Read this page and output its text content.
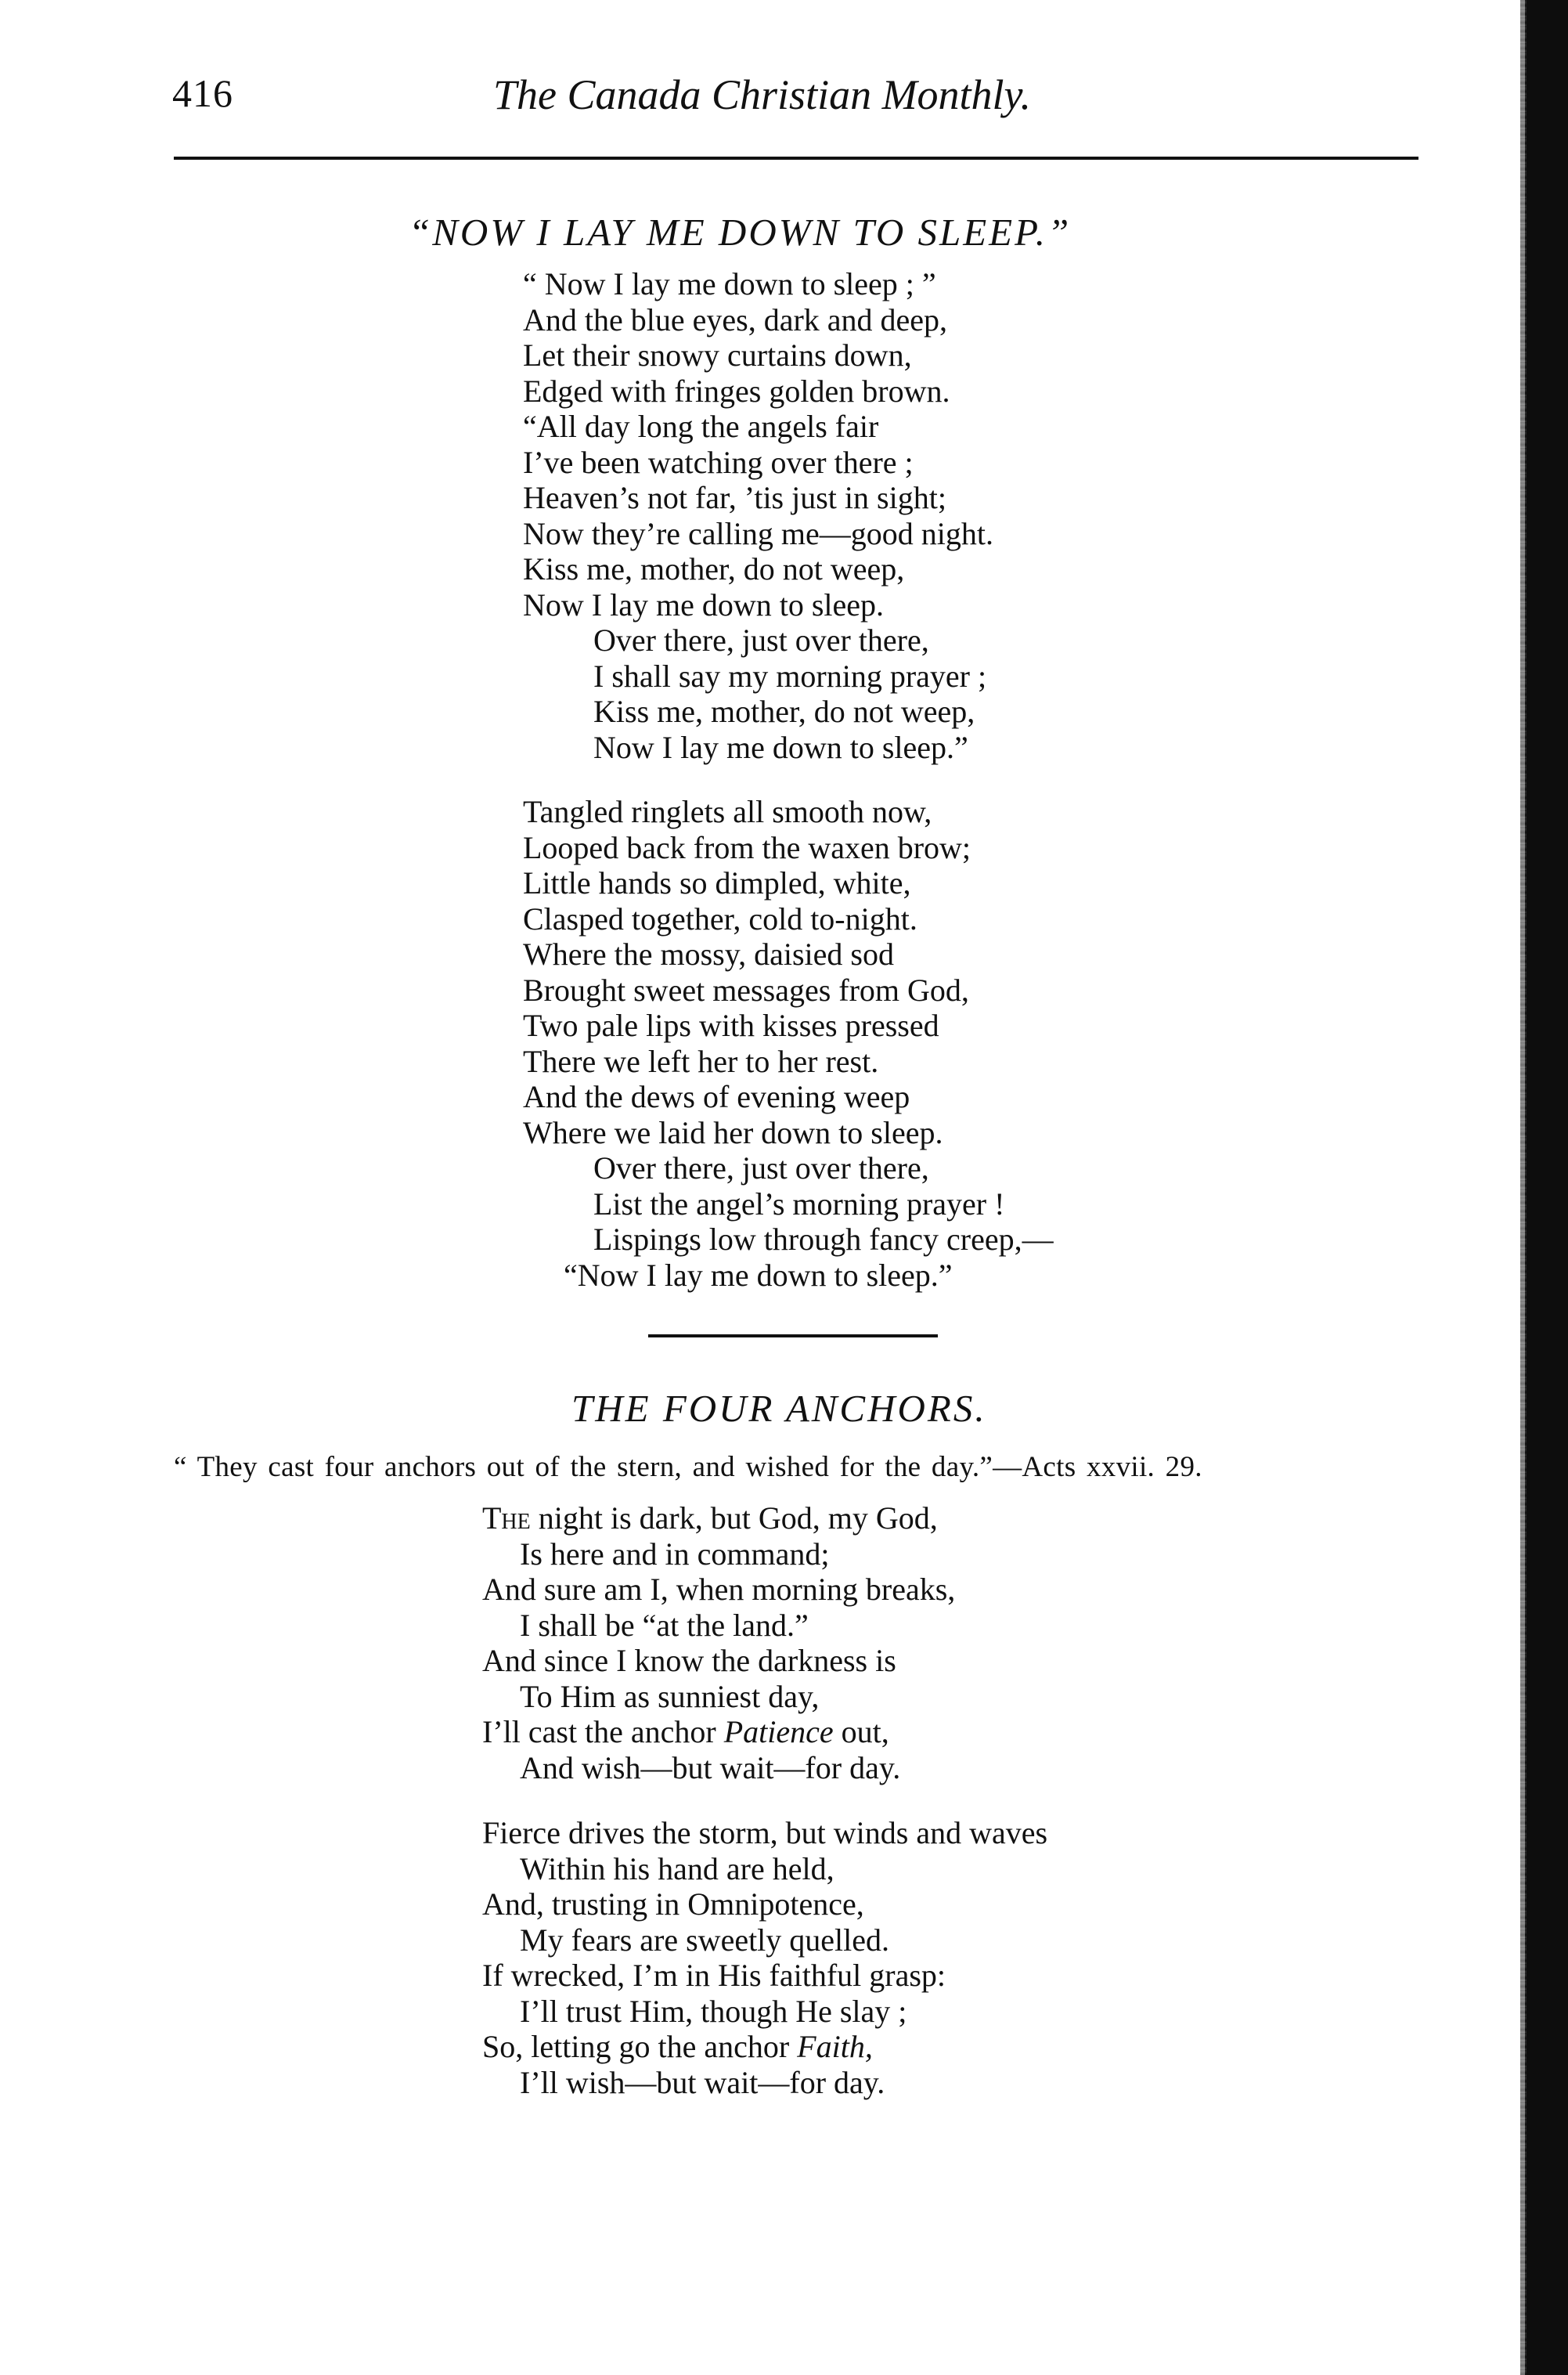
416	The Canada Christian Monthly.
“NOW I LAY ME DOWN TO SLEEP.”
“ Now I lay me down to sleep ; ”
And the blue eyes, dark and deep,
Let their snowy curtains down,
Edged with fringes golden brown.
“All day long the angels fair
I’ve been watching over there ;
Heaven’s not far, ’tis just in sight;
Now they’re calling me—good night.
Kiss me, mother, do not weep,
Now I lay me down to sleep.
Over there, just over there,
I shall say my morning prayer ;
Kiss me, mother, do not weep,
Now I lay me down to sleep.”
Tangled ringlets all smooth now,
Looped back from the waxen brow;
Little hands so dimpled, white,
Clasped together, cold to-night.
Where the mossy, daisied sod
Brought sweet messages from God,
Two pale lips with kisses pressed
There we left her to her rest.
And the dews of evening weep
Where we laid her down to sleep.
Over there, just over there,
List the angel’s morning prayer !
Lispings low through fancy creep,—
“Now I lay me down to sleep.”
THE FOUR ANCHORS.
“ They cast four anchors out of the stern, and wished for the day.”—Acts xxvii. 29.
The night is dark, but God, my God,
Is here and in command;
And sure am I, when morning breaks,
I shall be “at the land.”
And since I know the darkness is
To Him as sunniest day,
I’ll cast the anchor Patience out,
And wish—but wait—for day.
Fierce drives the storm, but winds and waves
Within his hand are held,
And, trusting in Omnipotence,
My fears are sweetly quelled.
If wrecked, I’m in His faithful grasp:
I’ll trust Him, though He slay ;
So, letting go the anchor Faith,
I’ll wish—but wait—for day.
